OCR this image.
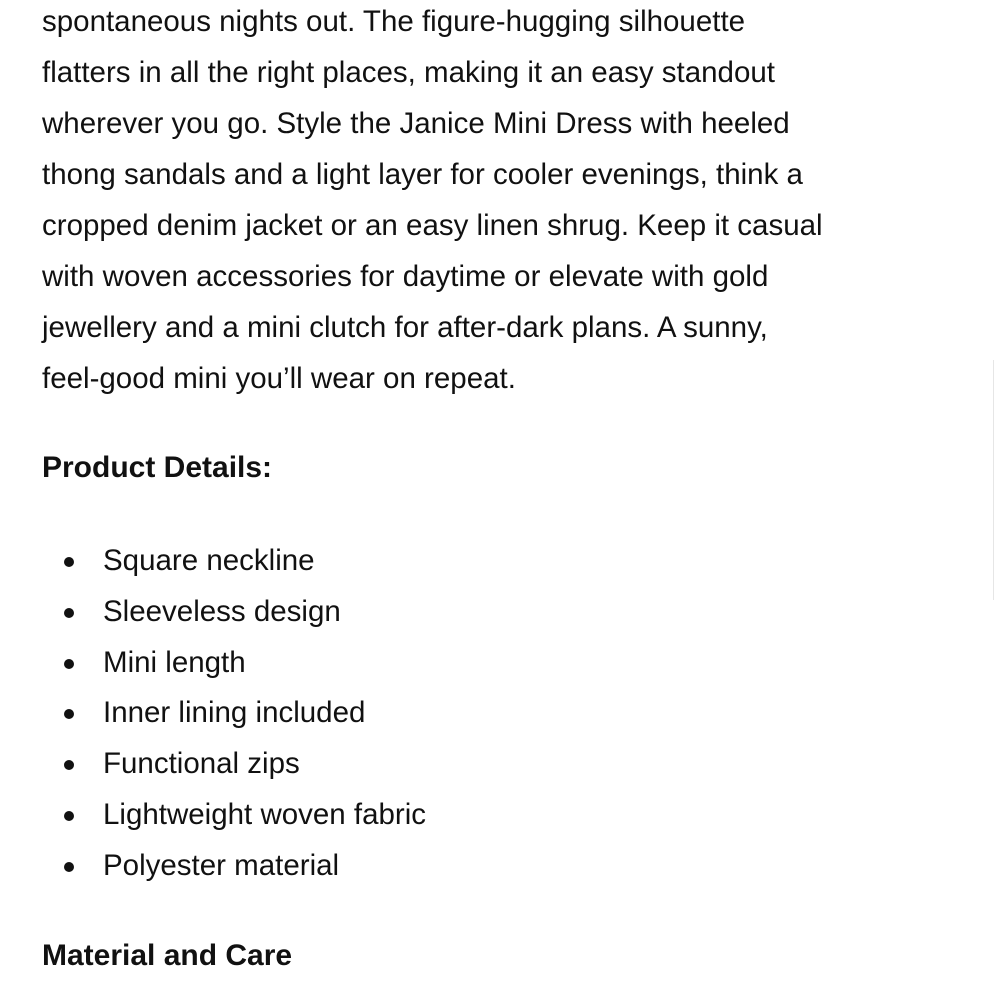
spontaneous nights out. The figure-hugging silhouette

flatters in all the right places, making it an easy standout

wherever you go. Style the Janice Mini Dress with heeled

thong sandals and a light layer for cooler evenings, think a

cropped denim jacket or an easy linen shrug. Keep it casual

with woven accessories for daytime or elevate with gold

jewellery and a mini clutch for after-dark plans. A sunny,

feel-good mini you’ll wear on repeat.

Product Details:
Square neckline
Sleeveless design
Mini length
Inner lining included
Functional zips
Lightweight woven fabric
Polyester material
Material and Care
